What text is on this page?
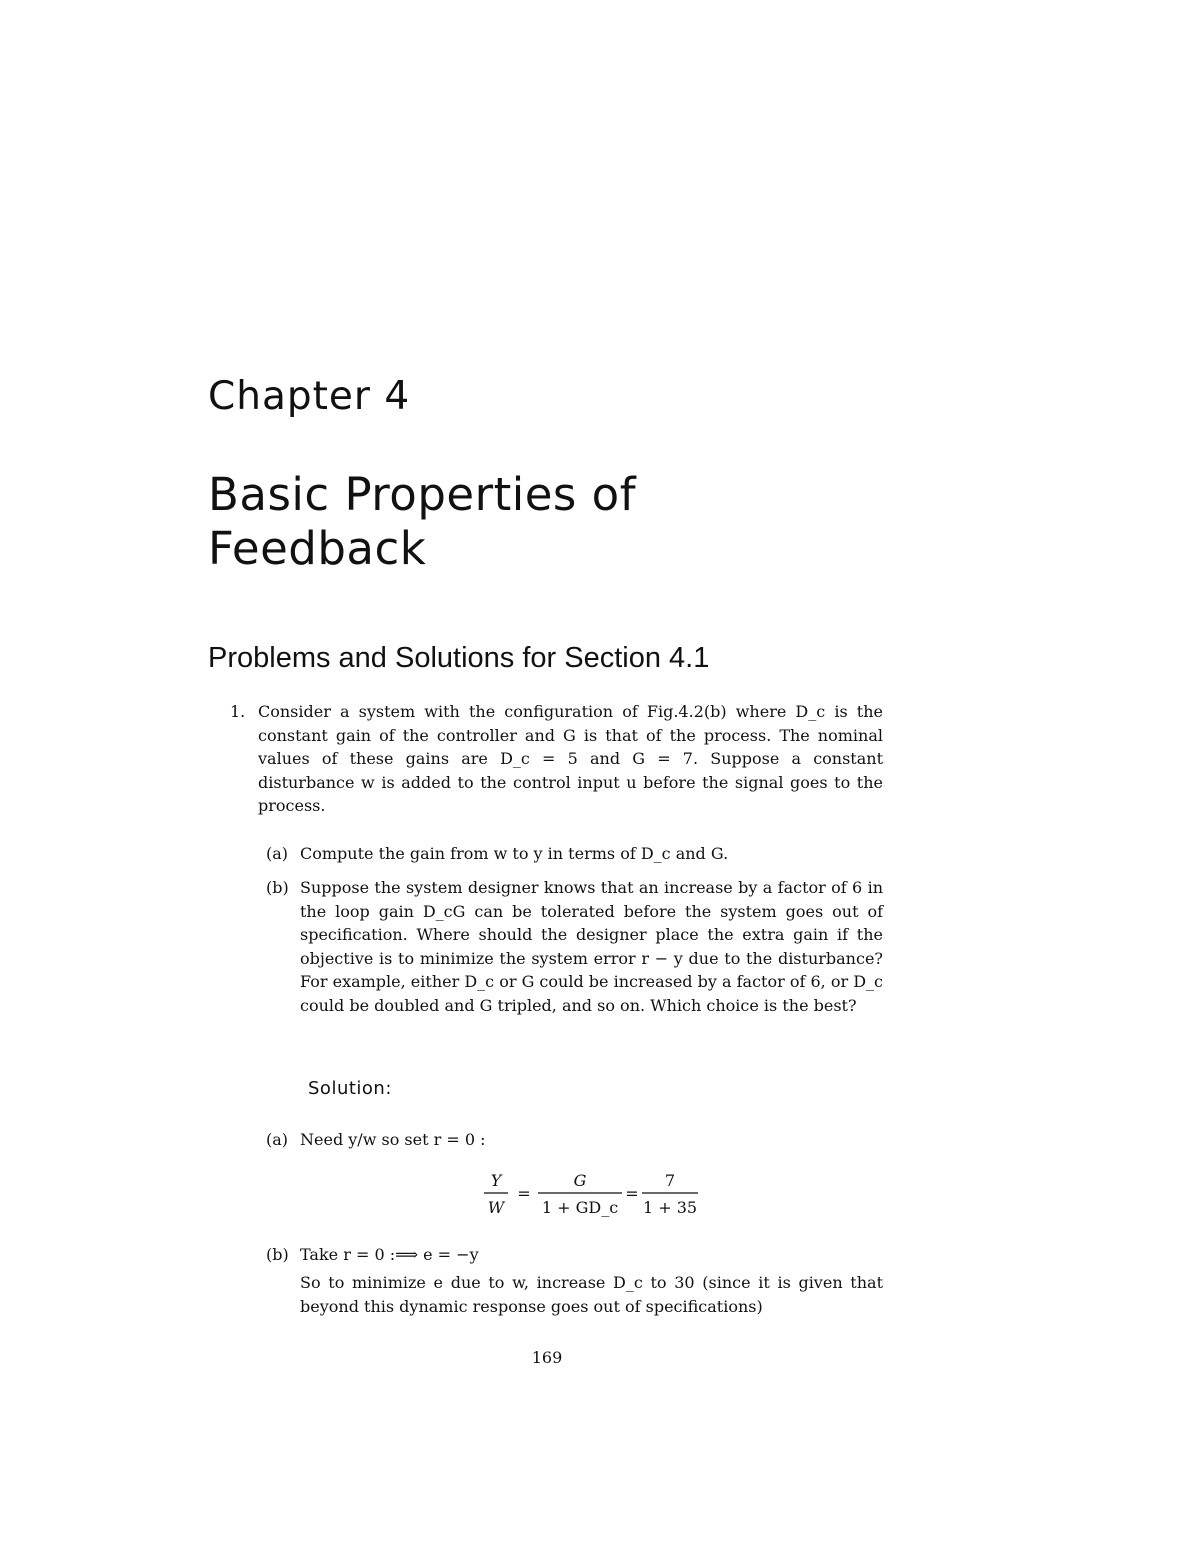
Chapter 4
Basic Properties of Feedback
Problems and Solutions for Section 4.1
1. Consider a system with the configuration of Fig.4.2(b) where D_c is the constant gain of the controller and G is that of the process. The nominal values of these gains are D_c = 5 and G = 7. Suppose a constant disturbance w is added to the control input u before the signal goes to the process.
(a) Compute the gain from w to y in terms of D_c and G.
(b) Suppose the system designer knows that an increase by a factor of 6 in the loop gain D_cG can be tolerated before the system goes out of specification. Where should the designer place the extra gain if the objective is to minimize the system error r − y due to the disturbance? For example, either D_c or G could be increased by a factor of 6, or D_c could be doubled and G tripled, and so on. Which choice is the best?
Solution:
(a) Need y/w so set r = 0 :
Y
W
=
G
1 + GD_c
=
7
1 + 35
(b) Take r = 0 :⟹ e = −y
So to minimize e due to w, increase D_c to 30 (since it is given that beyond this dynamic response goes out of specifications)
169
